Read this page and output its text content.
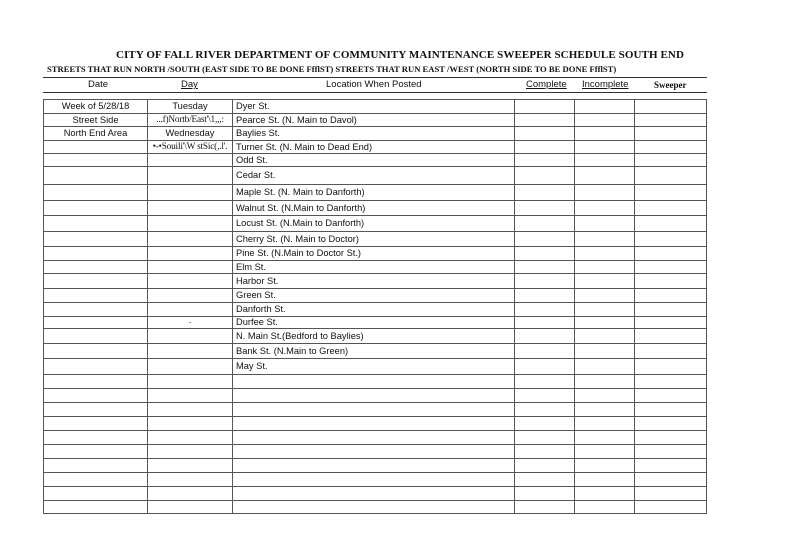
CITY OF FALL RIVER DEPARTMENT OF COMMUNITY MAINTENANCE SWEEPER SCHEDULE SOUTH END
STREETS THAT RUN NORTH /SOUTH (EAST SIDE TO BE DONE FfflST) STREETS THAT RUN EAST /WEST (NORTH SIDE TO BE DONE FfflST)
Date	Day	Location When Posted	Complete Incomplete	Sweeper
Week of 5/28/18	Tuesday	Dyer St.			
Street Side	...f)Nortb/East'\1,,,:	Pearce St. (N. Main to Davol)			
North End Area	Wednesday	Baylies St.			
	•-•Souili'\W stSic(,.l'.	Turner St. (N. Main to Dead End)			
		Odd St.			
		Cedar St.			
		Maple St. (N. Main to Danforth)			
		Walnut St. (N.Main to Danforth)			
		Locust St. (N.Main to Danforth)			
		Cherry St. (N. Main to Doctor)			
		Pine St. (N.Main to Doctor St.)			
		Elm St.			
		Harbor St.			
		Green St.			
		Danforth St.			
	·	Durfee St.			
		N. Main St.(Bedford to Baylies)			
		Bank St. (N.Main to Green)			
		May St.			
